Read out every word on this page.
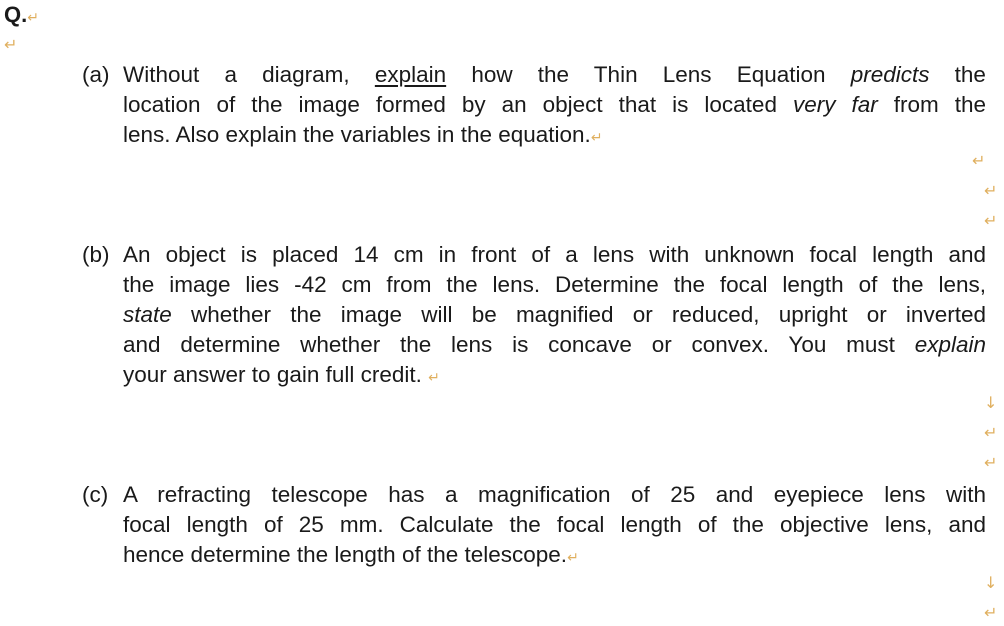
Q.↵
↵
(a) Without a diagram, explain how the Thin Lens Equation predicts the
location of the image formed by an object that is located very far from the
lens. Also explain the variables in the equation.↵
↵
↵
↵
(b) An object is placed 14 cm in front of a lens with unknown focal length and
the image lies -42 cm from the lens. Determine the focal length of the lens,
state whether the image will be magnified or reduced, upright or inverted
and determine whether the lens is concave or convex. You must explain
your answer to gain full credit. ↵
↓
↵
↵
(c) A refracting telescope has a magnification of 25 and eyepiece lens with
focal length of 25 mm. Calculate the focal length of the objective lens, and
hence determine the length of the telescope.↵
↓
↵
